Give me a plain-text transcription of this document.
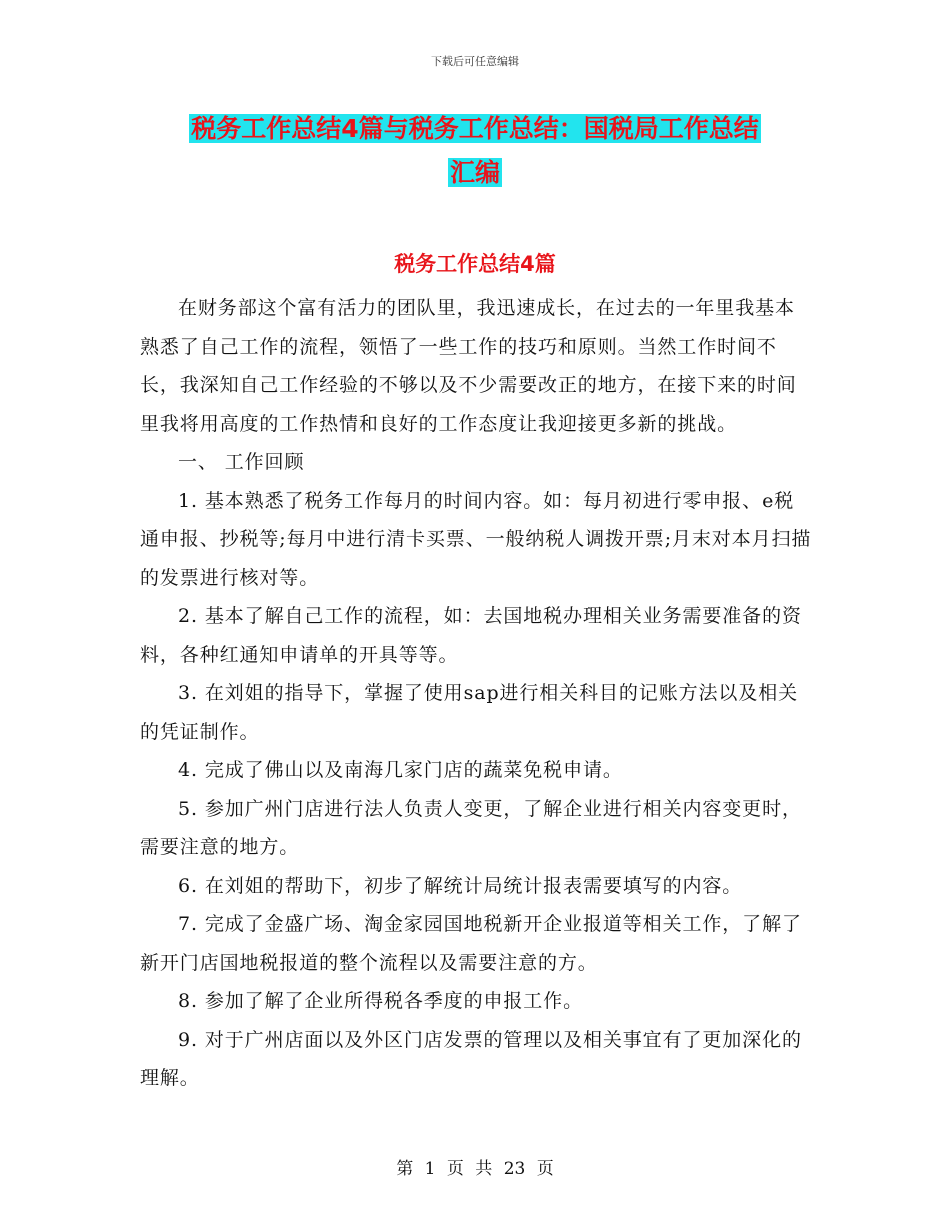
下载后可任意编辑
税务工作总结4篇与税务工作总结：国税局工作总结
汇编
税务工作总结4篇

在财务部这个富有活力的团队里，我迅速成长，在过去的一年里我基本熟悉了自己工作的流程，领悟了一些工作的技巧和原则。当然工作时间不长，我深知自己工作经验的不够以及不少需要改正的地方，在接下来的时间里我将用高度的工作热情和良好的工作态度让我迎接更多新的挑战。

一、 工作回顾

1. 基本熟悉了税务工作每月的时间内容。如：每月初进行零申报、e税通申报、抄税等;每月中进行清卡买票、一般纳税人调拨开票;月末对本月扫描的发票进行核对等。

2. 基本了解自己工作的流程，如：去国地税办理相关业务需要准备的资料，各种红通知申请单的开具等等。

3. 在刘姐的指导下，掌握了使用sap进行相关科目的记账方法以及相关的凭证制作。

4. 完成了佛山以及南海几家门店的蔬菜免税申请。

5. 参加广州门店进行法人负责人变更，了解企业进行相关内容变更时，需要注意的地方。

6. 在刘姐的帮助下，初步了解统计局统计报表需要填写的内容。

7. 完成了金盛广场、淘金家园国地税新开企业报道等相关工作，了解了新开门店国地税报道的整个流程以及需要注意的方。

8. 参加了解了企业所得税各季度的申报工作。

9. 对于广州店面以及外区门店发票的管理以及相关事宜有了更加深化的理解。

第 1 页 共 23 页
